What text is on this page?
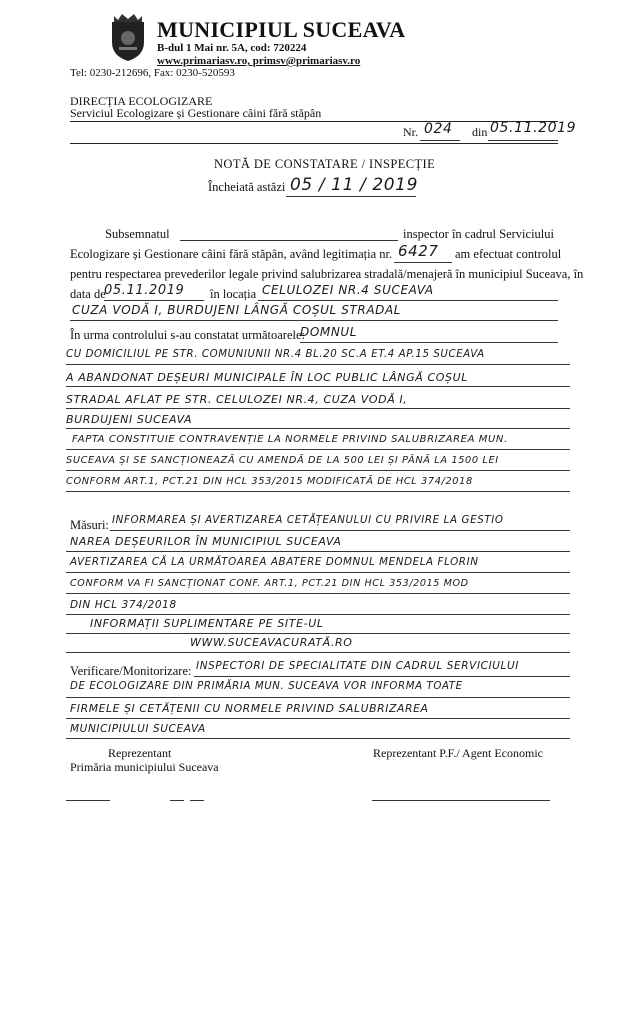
MUNICIPIUL SUCEAVA
B-dul 1 Mai nr. 5A, cod: 720224
www.primariasv.ro, primsv@primariasv.ro
Tel: 0230-212696, Fax: 0230-520593
DIRECȚIA ECOLOGIZARE
Serviciul Ecologizare și Gestionare câini fără stăpân
Nr. 024 din 05.11.2019
NOTĂ DE CONSTATARE / INSPECȚIE
Încheiată astăzi 05 / 11 / 2019
Subsemnatul	inspector în cadrul Serviciului
Ecologizare și Gestionare câini fără stăpân, având legitimația nr. 6427 am efectuat controlul
pentru respectarea prevederilor legale privind salubrizarea stradală/menajeră în municipiul Suceava, în
data de
05.11.2019 în locația CELULOZEI NR.4 SUCEAVA
CUZA VODĂ I, BURDUJENI LÂNGĂ COȘUL STRADAL
În urma controlului s-au constatat următoarele:
DOMNUL
CU DOMICILIUL PE STR. COMUNIUNII NR.4 BL.20 SC.A ET.4 AP.15 SUCEAVA
A ABANDONAT DEȘEURI MUNICIPALE ÎN LOC PUBLIC LÂNGĂ COȘUL
STRADAL AFLAT PE STR. CELULOZEI NR.4, CUZA VODĂ I,
BURDUJENI SUCEAVA
FAPTA CONSTITUIE CONTRAVENȚIE LA NORMELE PRIVIND SALUBRIZAREA MUN.
SUCEAVA ȘI SE SANCȚIONEAZĂ CU AMENDĂ DE LA 500 LEI ȘI PÂNĂ LA 1500 LEI
CONFORM ART.1, PCT.21 DIN HCL 353/2015 MODIFICATĂ DE HCL 374/2018
Măsuri: INFORMAREA ȘI AVERTIZAREA CETĂȚEANULUI CU PRIVIRE LA GESTIO
NAREA DEȘEURILOR ÎN MUNICIPIUL SUCEAVA
AVERTIZAREA CĂ LA URMĂTOAREA ABATERE DOMNUL MENDELA FLORIN
CONFORM VA FI SANCȚIONAT CONF. ART.1, PCT.21 DIN HCL 353/2015 MOD
DIN HCL 374/2018
INFORMAȚII SUPLIMENTARE PE SITE-UL
WWW.SUCEAVACURATĂ.RO
Verificare/Monitorizare: INSPECTORI DE SPECIALITATE DIN CADRUL SERVICIULUI
DE ECOLOGIZARE DIN PRIMĂRIA MUN. SUCEAVA VOR INFORMA TOATE
FIRMELE ȘI CETĂȚENII CU NORMELE PRIVIND SALUBRIZAREA
MUNICIPIULUI SUCEAVA
Reprezentant
Primăria municipiului Suceava
Reprezentant P.F./ Agent Economic
